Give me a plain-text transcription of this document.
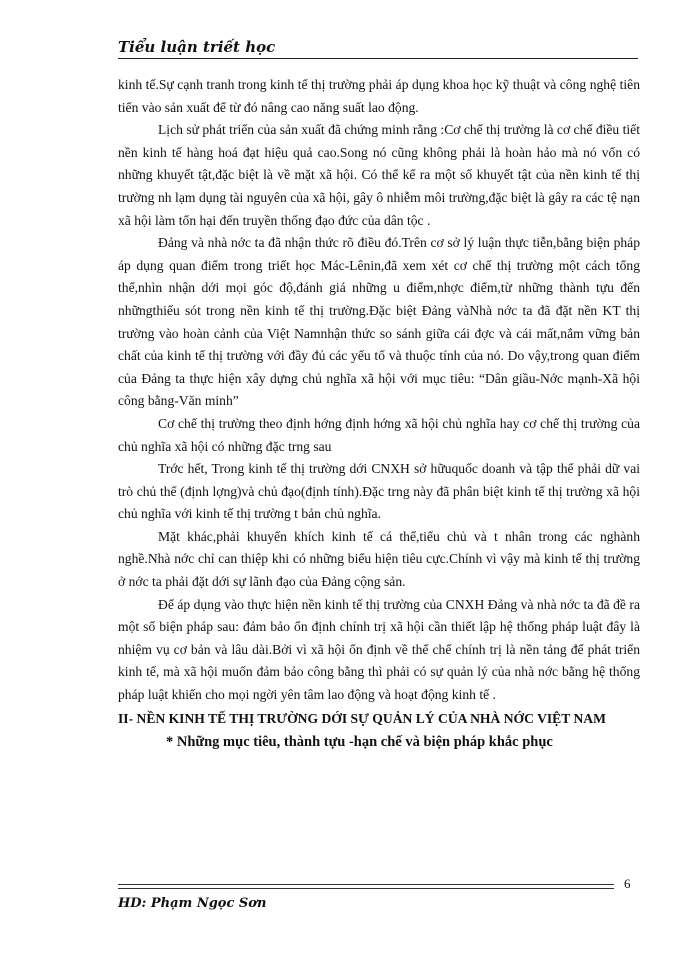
Tiểu luận triết học

kinh tế.Sự cạnh tranh trong kinh tế thị trường phải áp dụng khoa học kỹ thuật và công nghệ tiên tiến vào sản xuất để từ đó nâng cao năng suất lao động.

Lịch sử phát triển của sản xuất đã chứng minh rằng :Cơ chế thị trường là cơ chế điều tiết nền kinh tế hàng hoá đạt hiệu quả cao.Song nó cũng không phải là hoàn hảo mà nó vốn có những khuyết tật,đặc biệt là về mặt xã hội. Có thể kể ra một số khuyết tật của nền kinh tế thị trường nh lạm dụng tài nguyên của xã hội, gây ô nhiễm môi trường,đặc biệt là gây ra các tệ nạn xã hội làm tổn hại đến truyền thống đạo đức của dân tộc .

Đảng và nhà nớc ta đã nhận thức rõ điều đó.Trên cơ sở lý luận thực tiễn,bằng biện pháp áp dụng quan điểm trong triết học Mác-Lênin,đã xem xét cơ chế thị trường một cách tổng thể,nhìn nhận dới mọi góc độ,đánh giá những u điểm,nhợc điểm,từ những thành tựu đến nhữngthiếu sót trong nền kinh tế thị trường.Đặc biệt Đảng vàNhà nớc ta đã đặt nền KT thị trường vào hoàn cảnh của Việt Namnhận thức so sánh giữa cái đợc và cái mất,nắm vững bản chất của kinh tế thị trường với đầy đủ các yếu tố và thuộc tính của nó. Do vậy,trong quan điểm của Đảng ta thực hiện xây dựng chủ nghĩa xã hội với mục tiêu: “Dân giầu-Nớc mạnh-Xã hội công bằng-Văn minh”

Cơ chế thị trường theo định hớng định hớng xã hội chủ nghĩa hay cơ chế thị trường của chủ nghĩa xã hội có những đặc trng sau

Trớc hết, Trong kinh tế thị trường dới CNXH sở hữuquốc doanh và tập thể phải dữ vai trò chủ thể (định lợng)và chủ đạo(định tính).Đặc trng này đã phân biệt kinh tế thị trường xã hội chủ nghĩa với kinh tế thị trường t bản chủ nghĩa.

Mặt khác,phải khuyến khích kinh tế cá thể,tiểu chủ và t nhân trong các nghành nghề.Nhà nớc chỉ can thiệp khi có những biểu hiện tiêu cực.Chính vì vậy mà kinh tế thị trường ở nớc ta phải đặt dới sự lãnh đạo của Đảng cộng sản.

Để áp dụng vào thực hiện nền kinh tế thị trường của CNXH Đảng và nhà nớc ta đã đề ra một số biện pháp sau: đảm bảo ổn định chính trị xã hội cần thiết lập hệ thống pháp luật đây là nhiệm vụ cơ bản và lâu dài.Bởi vì xã hội ổn định về thể chế chính trị là nền tảng để phát triển kinh tế, mà xã hội muốn đảm bảo công bằng thì phải có sự quản lý của nhà nớc bằng hệ thống pháp luật khiến cho mọi ngời yên tâm lao động và hoạt động kinh tế .

II- NỀN KINH TẾ THỊ TRƯỜNG DỚI SỰ QUẢN LÝ CỦA NHÀ NỚC VIỆT NAM

* Những mục tiêu, thành tựu -hạn chế và biện pháp khắc phục

HD: Phạm Ngọc Sơn
6
